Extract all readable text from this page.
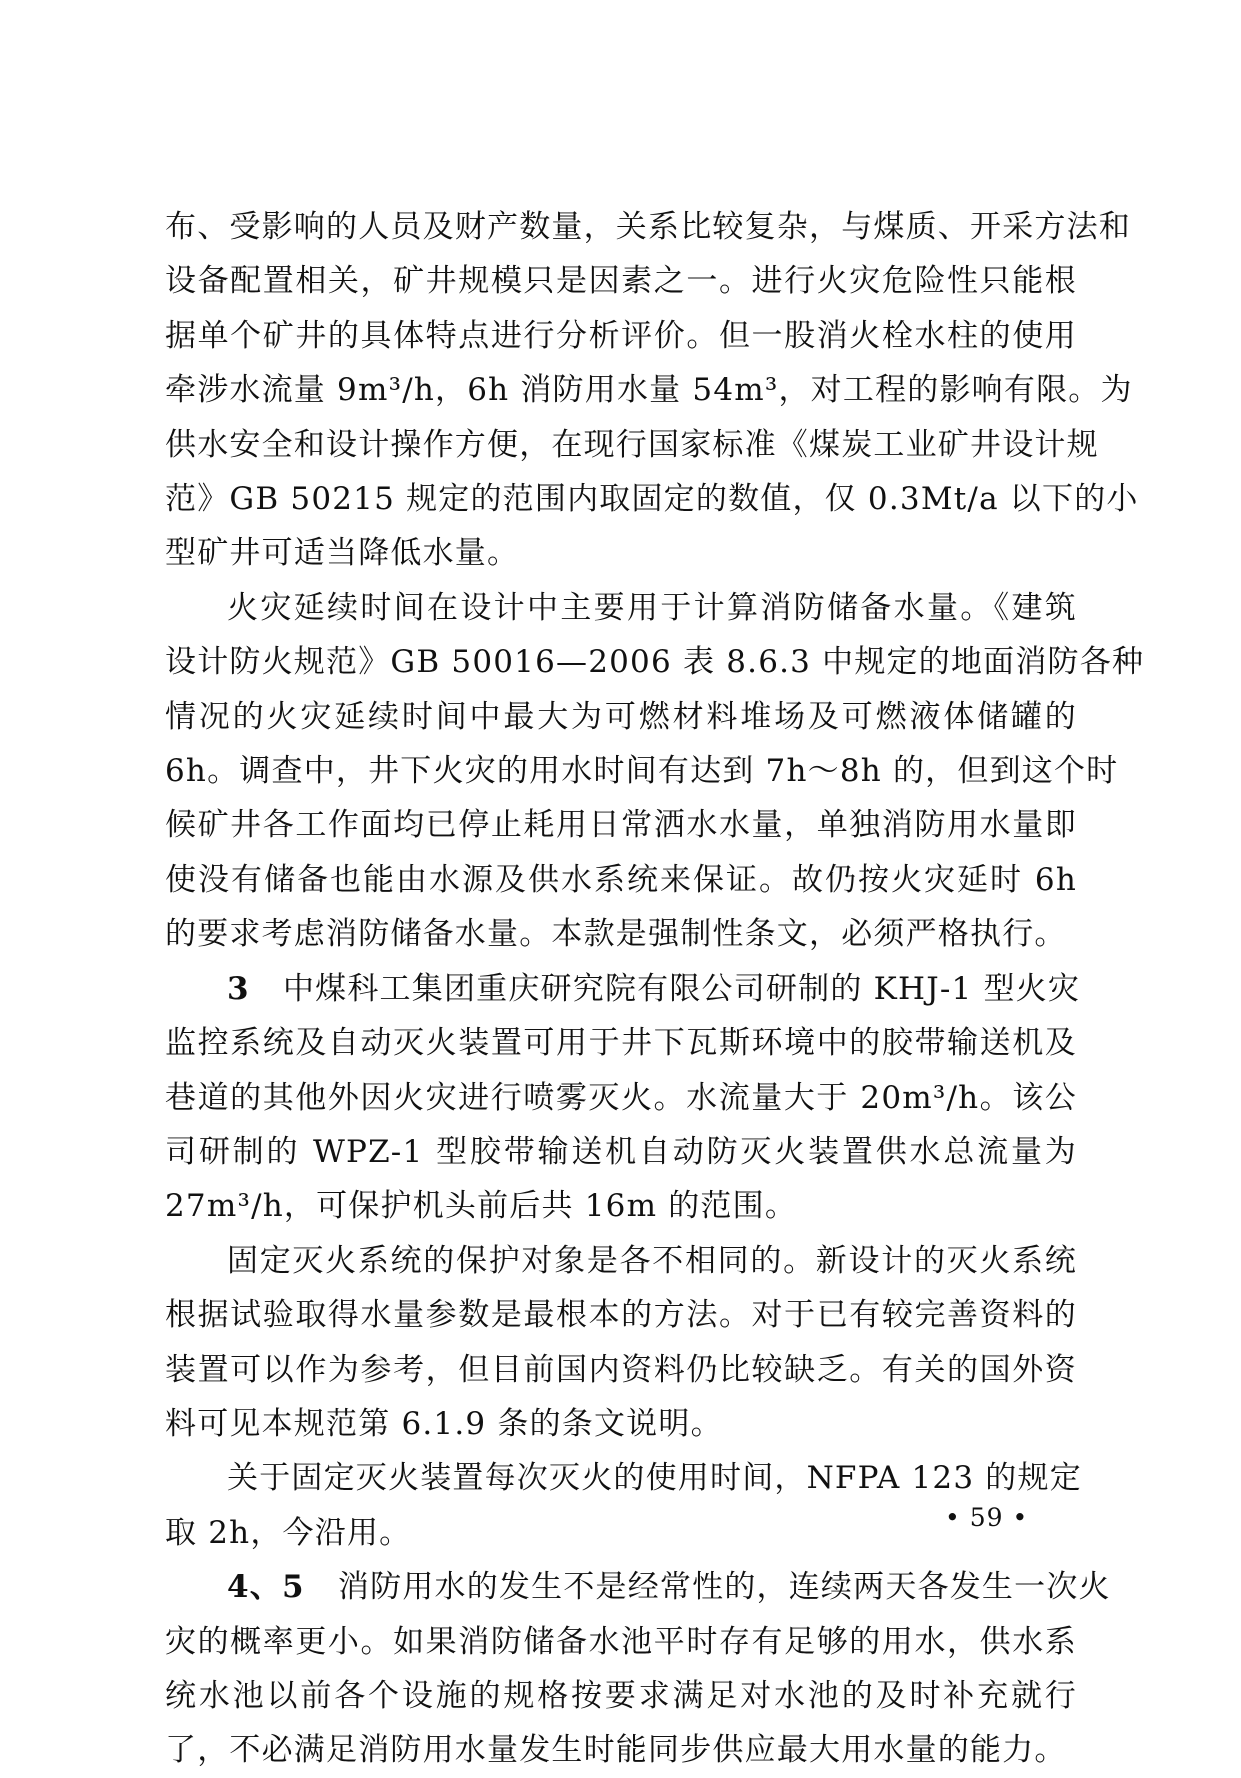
布、受影响的人员及财产数量，关系比较复杂，与煤质、开采方法和
设备配置相关，矿井规模只是因素之一。进行火灾危险性只能根
据单个矿井的具体特点进行分析评价。但一股消火栓水柱的使用
牵涉水流量 9m³/h，6h 消防用水量 54m³，对工程的影响有限。为
供水安全和设计操作方便，在现行国家标准《煤炭工业矿井设计规
范》GB 50215 规定的范围内取固定的数值，仅 0.3Mt/a 以下的小
型矿井可适当降低水量。

火灾延续时间在设计中主要用于计算消防储备水量。《建筑
设计防火规范》GB 50016—2006 表 8.6.3 中规定的地面消防各种
情况的火灾延续时间中最大为可燃材料堆场及可燃液体储罐的
6h。调查中，井下火灾的用水时间有达到 7h～8h 的，但到这个时
候矿井各工作面均已停止耗用日常洒水水量，单独消防用水量即
使没有储备也能由水源及供水系统来保证。故仍按火灾延时 6h
的要求考虑消防储备水量。本款是强制性条文，必须严格执行。

3 中煤科工集团重庆研究院有限公司研制的 KHJ-1 型火灾
监控系统及自动灭火装置可用于井下瓦斯环境中的胶带输送机及
巷道的其他外因火灾进行喷雾灭火。水流量大于 20m³/h。该公
司研制的 WPZ-1 型胶带输送机自动防灭火装置供水总流量为
27m³/h，可保护机头前后共 16m 的范围。

固定灭火系统的保护对象是各不相同的。新设计的灭火系统
根据试验取得水量参数是最根本的方法。对于已有较完善资料的
装置可以作为参考，但目前国内资料仍比较缺乏。有关的国外资
料可见本规范第 6.1.9 条的条文说明。

关于固定灭火装置每次灭火的使用时间，NFPA 123 的规定
取 2h，今沿用。

4、5 消防用水的发生不是经常性的，连续两天各发生一次火
灾的概率更小。如果消防储备水池平时存有足够的用水，供水系
统水池以前各个设施的规格按要求满足对水池的及时补充就行
了，不必满足消防用水量发生时能同步供应最大用水量的能力。

• 59 •
